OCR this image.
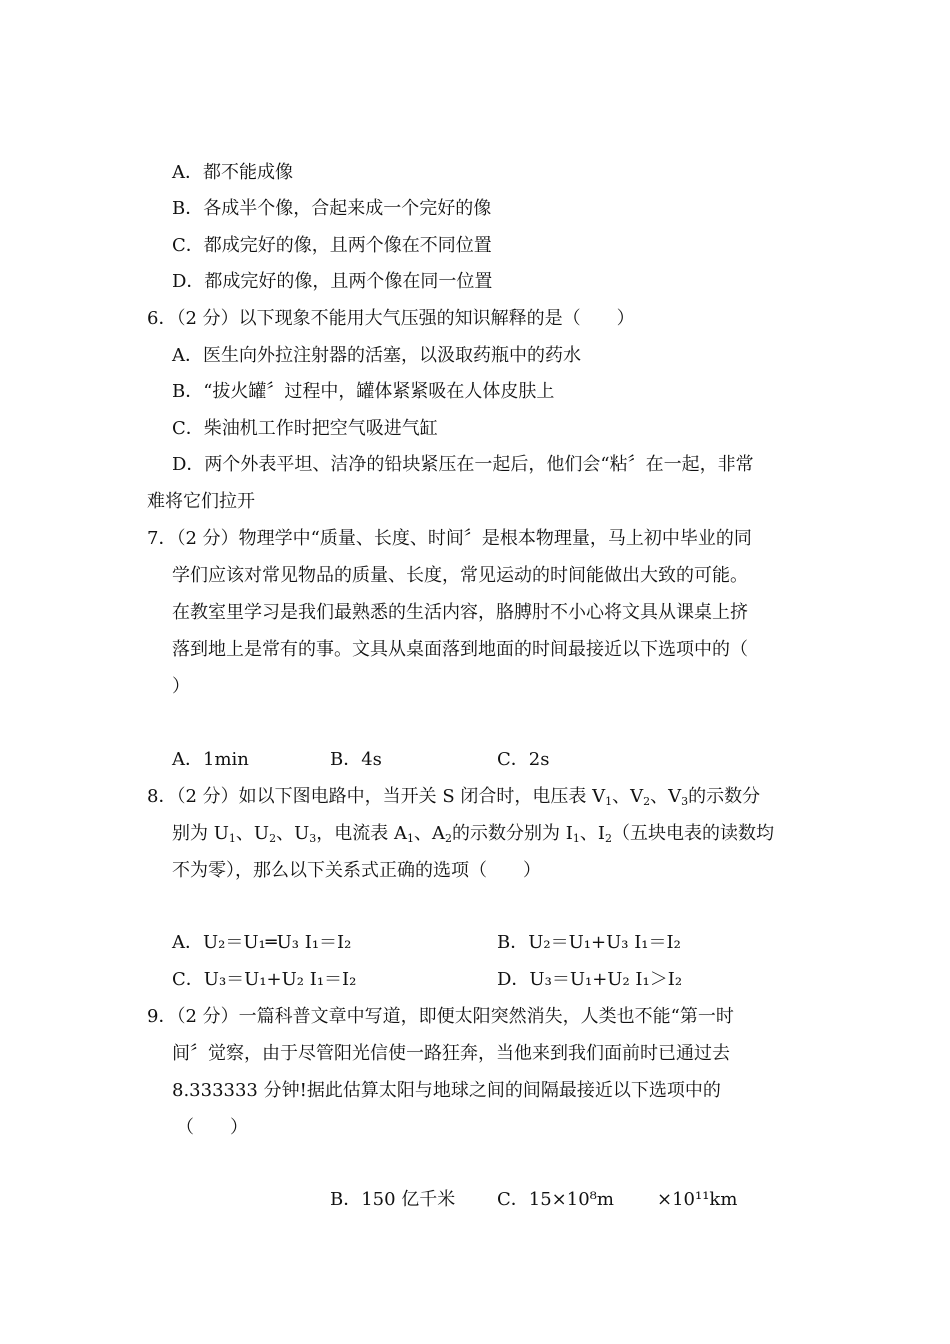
A．都不能成像
B．各成半个像，合起来成一个完好的像
C．都成完好的像，且两个像在不同位置
D．都成完好的像，且两个像在同一位置
6．（2 分）以下现象不能用大气压强的知识解释的是（　　）
A．医生向外拉注射器的活塞，以汲取药瓶中的药水
B．“拔火罐〞过程中，罐体紧紧吸在人体皮肤上
C．柴油机工作时把空气吸进气缸
D．两个外表平坦、洁净的铅块紧压在一起后，他们会“粘〞在一起，非常
难将它们拉开
7．（2 分）物理学中“质量、长度、时间〞是根本物理量，马上初中毕业的同
学们应该对常见物品的质量、长度，常见运动的时间能做出大致的可能。
在教室里学习是我们最熟悉的生活内容，胳膊肘不小心将文具从课桌上挤
落到地上是常有的事。文具从桌面落到地面的时间最接近以下选项中的（
）
A．1min	B．4s	C．2s
8．（2 分）如以下图电路中，当开关 S 闭合时，电压表 $V_1$、$V_2$、$V_3$的示数分
别为 $U_1$、$U_2$、$U_3$，电流表 $A_1$、$A_2$的示数分别为 $I_1$、$I_2$（五块电表的读数均
不为零），那么以下关系式正确的选项（　　）
A．U₂＝U₁═U₃ I₁＝I₂	B．U₂＝U₁+U₃ I₁＝I₂
C．U₃＝U₁+U₂ I₁＝I₂	D．U₃＝U₁+U₂ I₁＞I₂
9．（2 分）一篇科普文章中写道，即便太阳突然消失，人类也不能“第一时
间〞觉察，由于尽管阳光信使一路狂奔，当他来到我们面前时已通过去
8.333333 分钟!据此估算太阳与地球之间的间隔最接近以下选项中的
（　　）
B．150 亿千米 C．15×10⁸m ×10¹¹km
